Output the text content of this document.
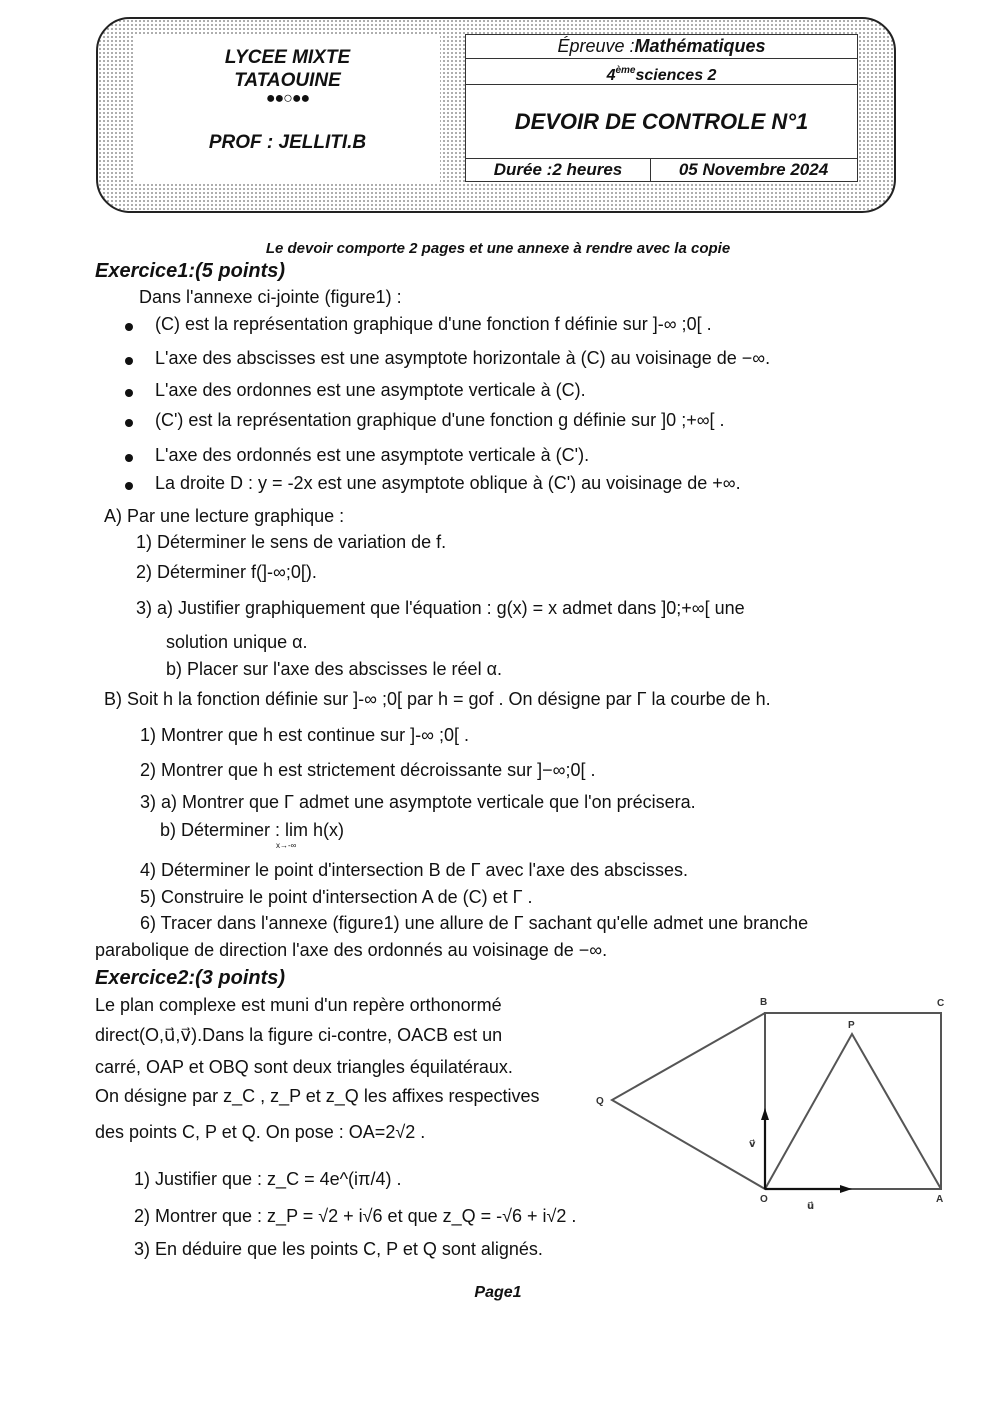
LYCEE MIXTE
TATAOUINE
●●○●●
PROF : JELLITI.B
Épreuve :Mathématiques
4èmesciences 2
DEVOIR DE CONTROLE N°1
Durée :2 heures	05 Novembre 2024
Le devoir comporte 2 pages et une annexe à rendre avec la copie
Exercice1:(5 points)
Dans l'annexe ci-jointe (figure1) :
(C) est la représentation graphique d'une fonction f définie sur ]-∞ ;0[ .
L'axe des abscisses est une asymptote horizontale à (C) au voisinage de −∞.
L'axe des ordonnes est une asymptote verticale à (C).
(C') est la représentation graphique d'une fonction g définie sur ]0 ;+∞[ .
L'axe des ordonnés est une asymptote verticale à (C').
La droite D : y = -2x est une asymptote oblique à (C') au voisinage de +∞.
A) Par une lecture graphique :
1) Déterminer le sens de variation de f.
2) Déterminer f(]-∞;0[).
3) a) Justifier graphiquement que l'équation : g(x) = x admet dans ]0;+∞[ une
solution unique α.
b) Placer sur l'axe des abscisses le réel α.
B) Soit h la fonction définie sur ]-∞ ;0[ par h = gof . On désigne par Γ la courbe de h.
1) Montrer que h est continue sur ]-∞ ;0[ .
2) Montrer que h est strictement décroissante sur ]−∞;0[ .
3) a) Montrer que Γ admet une asymptote verticale que l'on précisera.
b) Déterminer : lim h(x)
x→-∞
4) Déterminer le point d'intersection B de Γ avec l'axe des abscisses.
5) Construire le point d'intersection A de (C) et Γ .
6) Tracer dans l'annexe (figure1) une allure de Γ sachant qu'elle admet une branche
parabolique de direction l'axe des ordonnés au voisinage de −∞.
Exercice2:(3 points)
Le plan complexe est muni d'un repère orthonormé
direct(O,u⃗,v⃗).Dans la figure ci-contre, OACB est un
carré, OAP et OBQ sont deux triangles équilatéraux.
On désigne par z_C , z_P et z_Q les affixes respectives
des points C, P et Q. On pose : OA=2√2 .
1) Justifier que : z_C = 4e^(iπ/4) .
2) Montrer que : z_P = √2 + i√6 et que z_Q = -√6 + i√2 .
3) En déduire que les points C, P et Q sont alignés.
B	C
P
Q
O	A
u⃗
v⃗
Page1
